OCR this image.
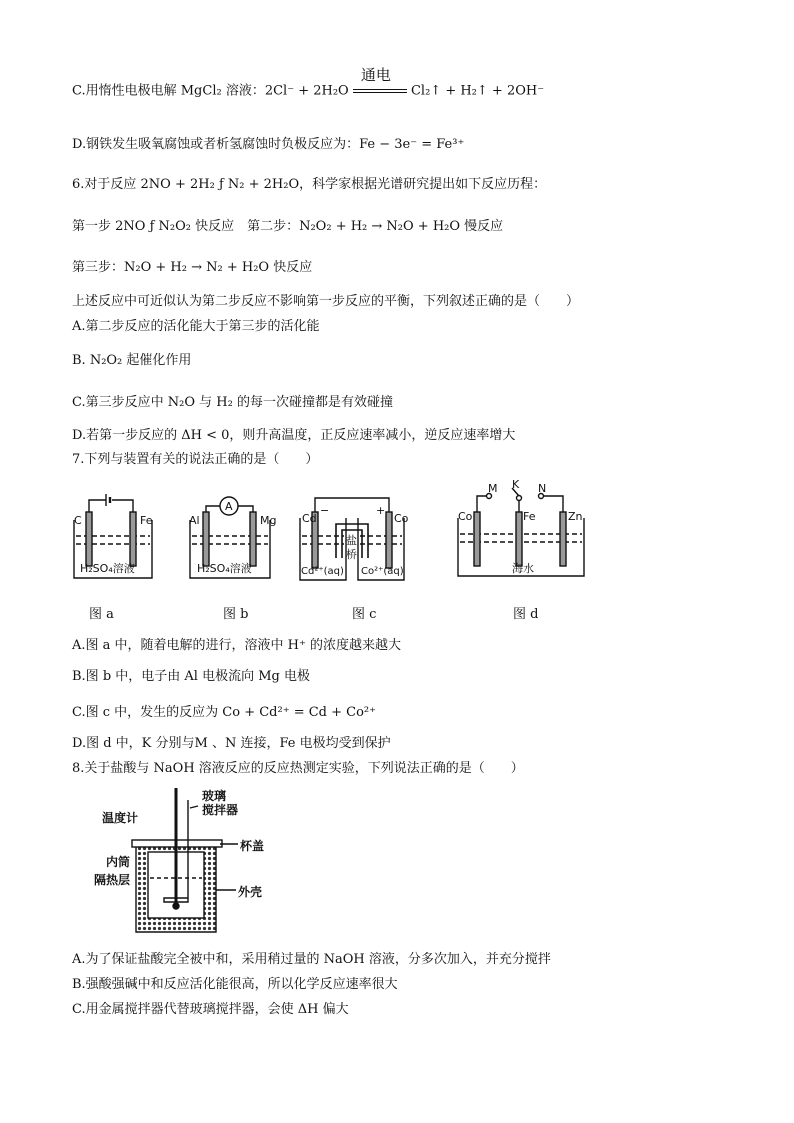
C.用惰性电极电解 MgCl₂ 溶液：2Cl⁻ + 2H₂O
通电
Cl₂↑ + H₂↑ + 2OH⁻
D.钢铁发生吸氧腐蚀或者析氢腐蚀时负极反应为：Fe − 3e⁻ = Fe³⁺
6.对于反应 2NO + 2H₂ ƒ N₂ + 2H₂O，科学家根据光谱研究提出如下反应历程：
第一步 2NO ƒ N₂O₂ 快反应　第二步：N₂O₂ + H₂ → N₂O + H₂O 慢反应
第三步：N₂O + H₂ → N₂ + H₂O 快反应
上述反应中可近似认为第二步反应不影响第一步反应的平衡，下列叙述正确的是（　　）
A.第二步反应的活化能大于第三步的活化能
B. N₂O₂ 起催化作用
C.第三步反应中 N₂O 与 H₂ 的每一次碰撞都是有效碰撞
D.若第一步反应的 ΔH < 0，则升高温度，正反应速率减小，逆反应速率增大
7.下列与装置有关的说法正确的是（　　）
C	Fe
H₂SO₄溶液
Al	Mg
A
H₂SO₄溶液
Cd
−	+
Co
盐
桥
Cd²⁺(aq) Co²⁺(aq)
M K N
Co	Fe	Zn
海水
图 a	图 b	图 c	图 d
A.图 a 中，随着电解的进行，溶液中 H⁺ 的浓度越来越大
B.图 b 中，电子由 Al 电极流向 Mg 电极
C.图 c 中，发生的反应为 Co + Cd²⁺ = Cd + Co²⁺
D.图 d 中，K 分别与M 、N 连接，Fe 电极均受到保护
8.关于盐酸与 NaOH 溶液反应的反应热测定实验，下列说法正确的是（　　）
温度计
玻璃
搅拌器
杯盖
内筒
隔热层
外壳
A.为了保证盐酸完全被中和，采用稍过量的 NaOH 溶液，分多次加入，并充分搅拌
B.强酸强碱中和反应活化能很高，所以化学反应速率很大
C.用金属搅拌器代替玻璃搅拌器，会使 ΔH 偏大
